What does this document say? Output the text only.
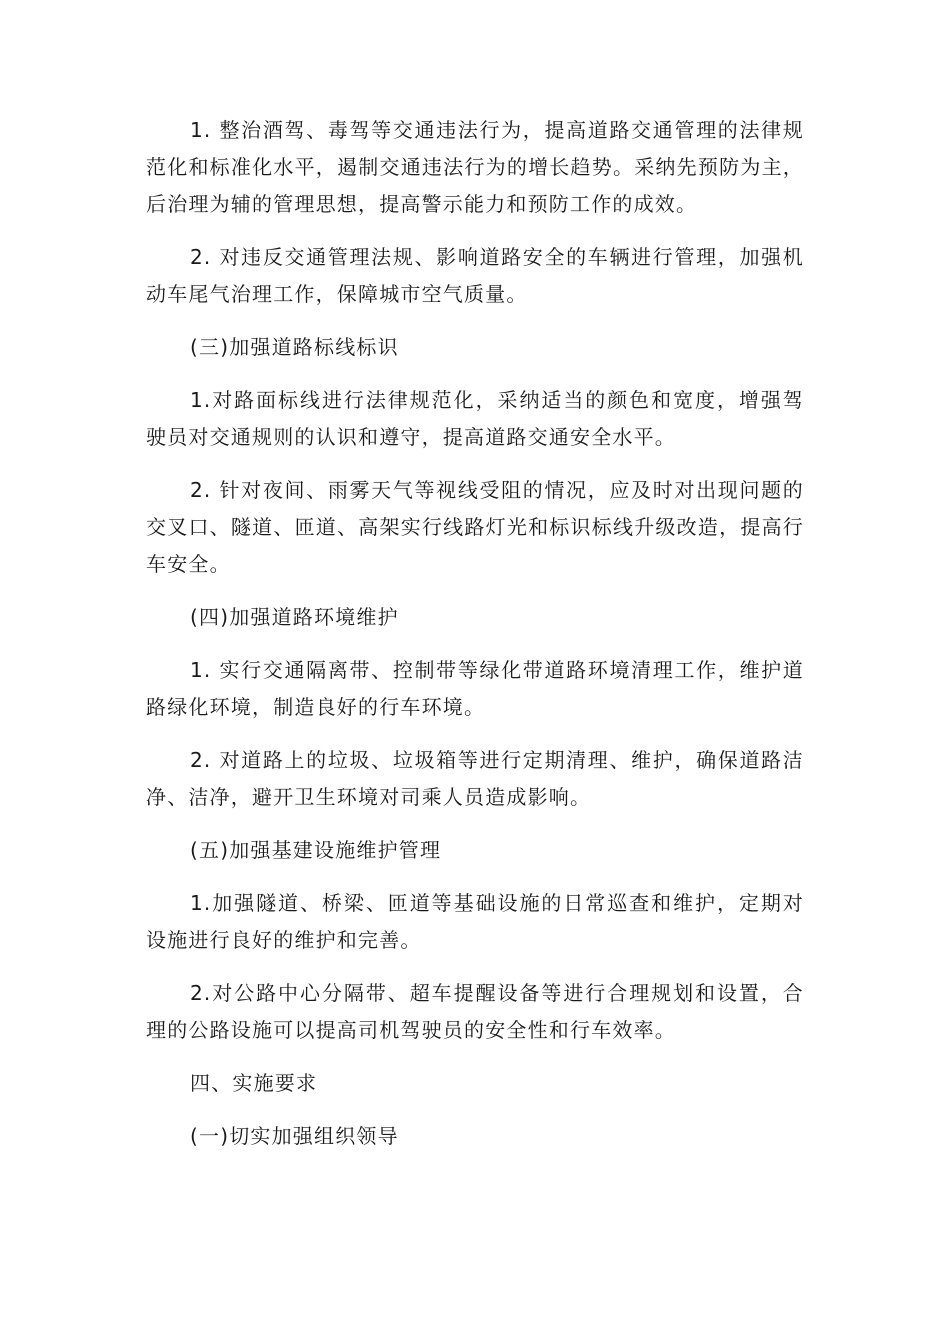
1. 整治酒驾、毒驾等交通违法行为，提高道路交通管理的法律规范化和标准化水平，遏制交通违法行为的增长趋势。采纳先预防为主，后治理为辅的管理思想，提高警示能力和预防工作的成效。

2. 对违反交通管理法规、影响道路安全的车辆进行管理，加强机动车尾气治理工作，保障城市空气质量。

(三)加强道路标线标识

1.对路面标线进行法律规范化，采纳适当的颜色和宽度，增强驾驶员对交通规则的认识和遵守，提高道路交通安全水平。

2. 针对夜间、雨雾天气等视线受阻的情况，应及时对出现问题的交叉口、隧道、匝道、高架实行线路灯光和标识标线升级改造，提高行车安全。

(四)加强道路环境维护

1. 实行交通隔离带、控制带等绿化带道路环境清理工作，维护道路绿化环境，制造良好的行车环境。

2. 对道路上的垃圾、垃圾箱等进行定期清理、维护，确保道路洁净、洁净，避开卫生环境对司乘人员造成影响。

(五)加强基建设施维护管理

1.加强隧道、桥梁、匝道等基础设施的日常巡查和维护，定期对设施进行良好的维护和完善。

2.对公路中心分隔带、超车提醒设备等进行合理规划和设置，合理的公路设施可以提高司机驾驶员的安全性和行车效率。

四、实施要求

(一)切实加强组织领导
